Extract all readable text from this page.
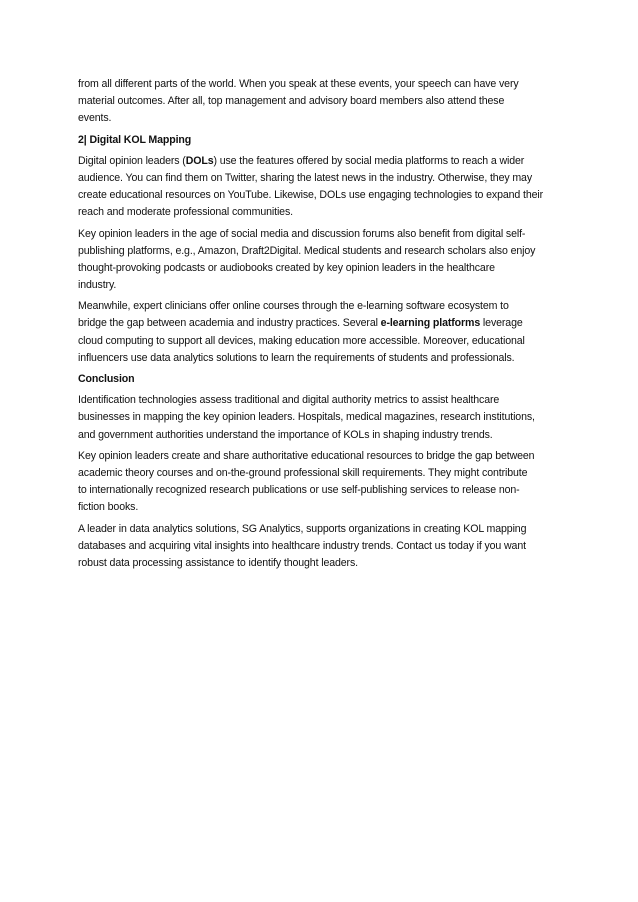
from all different parts of the world. When you speak at these events, your speech can have very
material outcomes. After all, top management and advisory board members also attend these
events.
2| Digital KOL Mapping
Digital opinion leaders (DOLs) use the features offered by social media platforms to reach a wider
audience. You can find them on Twitter, sharing the latest news in the industry. Otherwise, they may
create educational resources on YouTube. Likewise, DOLs use engaging technologies to expand their
reach and moderate professional communities.
Key opinion leaders in the age of social media and discussion forums also benefit from digital self-
publishing platforms, e.g., Amazon, Draft2Digital. Medical students and research scholars also enjoy
thought-provoking podcasts or audiobooks created by key opinion leaders in the healthcare
industry.
Meanwhile, expert clinicians offer online courses through the e-learning software ecosystem to
bridge the gap between academia and industry practices. Several e-learning platforms leverage
cloud computing to support all devices, making education more accessible. Moreover, educational
influencers use data analytics solutions to learn the requirements of students and professionals.
Conclusion
Identification technologies assess traditional and digital authority metrics to assist healthcare
businesses in mapping the key opinion leaders. Hospitals, medical magazines, research institutions,
and government authorities understand the importance of KOLs in shaping industry trends.
Key opinion leaders create and share authoritative educational resources to bridge the gap between
academic theory courses and on-the-ground professional skill requirements. They might contribute
to internationally recognized research publications or use self-publishing services to release non-
fiction books.
A leader in data analytics solutions, SG Analytics, supports organizations in creating KOL mapping
databases and acquiring vital insights into healthcare industry trends. Contact us today if you want
robust data processing assistance to identify thought leaders.
